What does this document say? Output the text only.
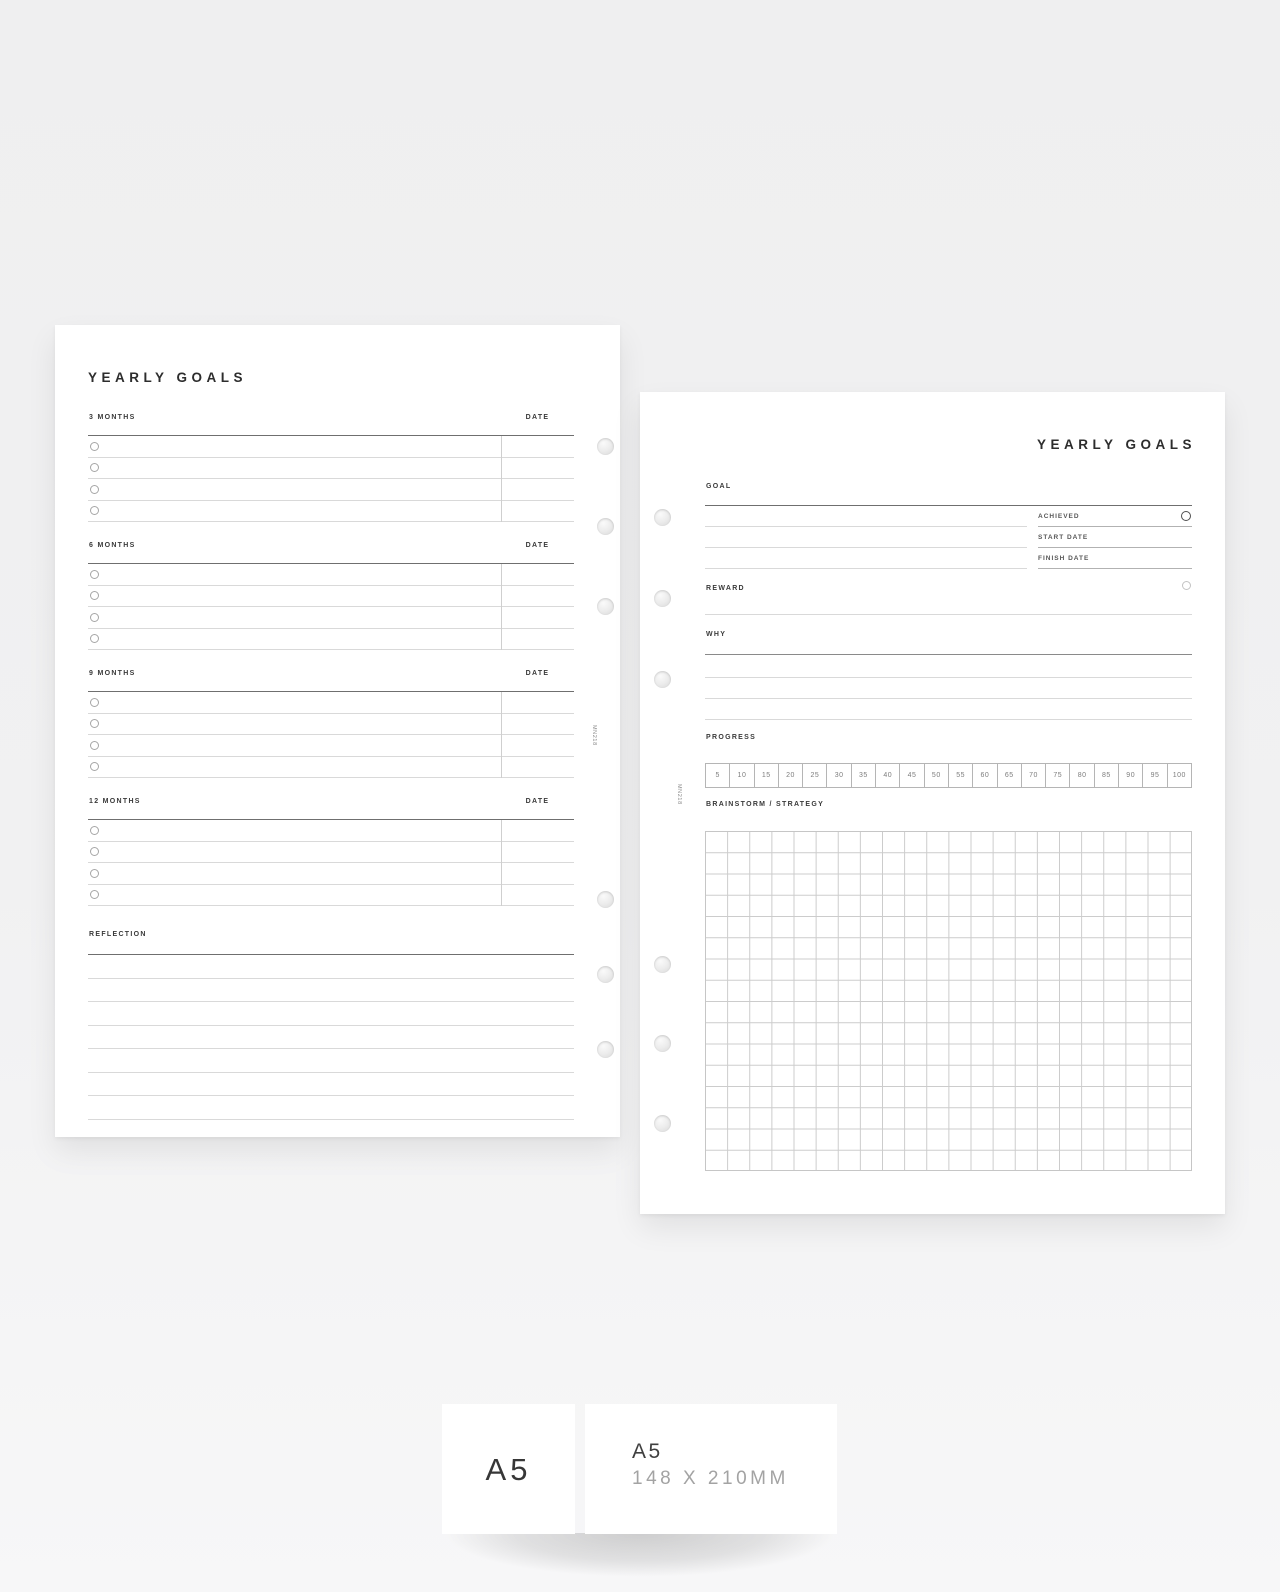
YEARLY GOALS
3 MONTHS	DATE
6 MONTHS	DATE
9 MONTHS	DATE
12 MONTHS	DATE
REFLECTION
MN218
YEARLY GOALS
GOAL
ACHIEVED
START DATE
FINISH DATE
REWARD
WHY
PROGRESS
5	10	15	20	25	30	35	40	45	50	55	60	65	70	75	80	85	90	95	100
BRAINSTORM / STRATEGY
MN218
A5	A5
148 X 210MM
